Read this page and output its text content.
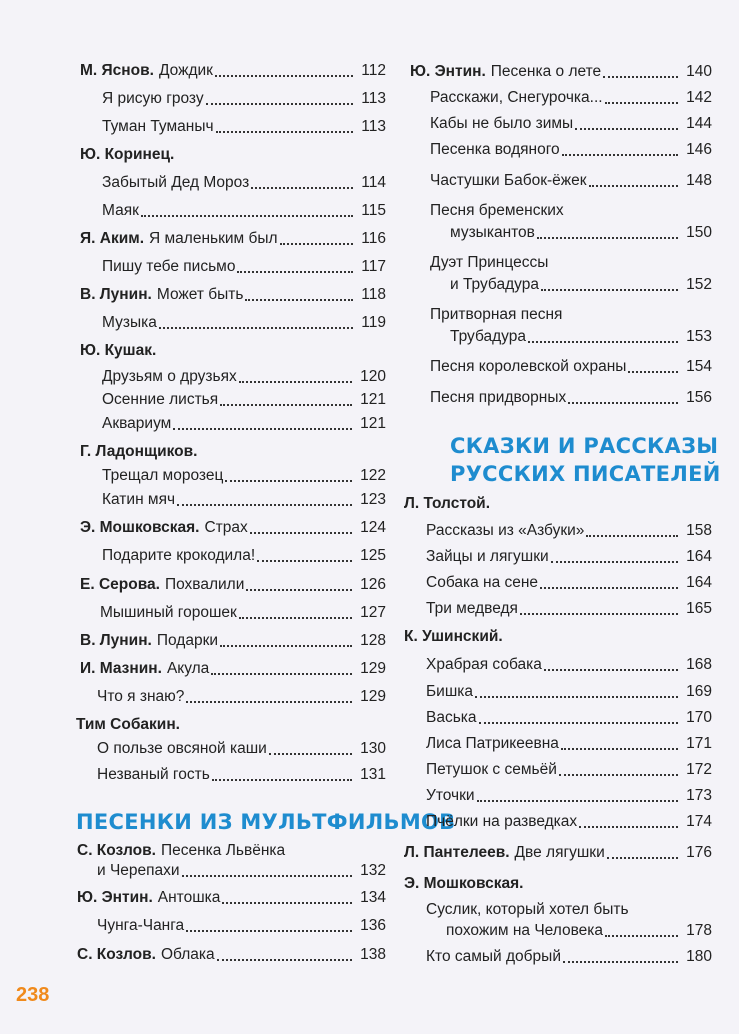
ПЕСЕНКИ ИЗ МУЛЬТФИЛЬМОВ
СКАЗКИ И РАССКАЗЫ
РУССКИХ ПИСАТЕЛЕЙ
238
М. Яснов. Дождик	112
Я рисую грозу	113
Туман Туманыч	113
Ю. Коринец.
Забытый Дед Мороз	114
Маяк	115
Я. Аким. Я маленьким был	116
Пишу тебе письмо	117
В. Лунин. Может быть	118
Музыка	119
Ю. Кушак.
Друзьям о друзьях	120
Осенние листья	121
Аквариум	121
Г. Ладонщиков.
Трещал морозец	122
Катин мяч	123
Э. Мошковская. Страх	124
Подарите крокодила!	125
Е. Серова. Похвалили	126
Мышиный горошек	127
В. Лунин. Подарки	128
И. Мазнин. Акула	129
Что я знаю?	129
Тим Собакин.
О пользе овсяной каши	130
Незваный гость	131
С. Козлов. Песенка Львёнка
и Черепахи	132
Ю. Энтин. Антошка	134
Чунга-Чанга	136
С. Козлов. Облака	138
Ю. Энтин. Песенка о лете	140
Расскажи, Снегурочка...	142
Кабы не было зимы	144
Песенка водяного	146
Частушки Бабок-ёжек	148
Песня бременских
музыкантов	150
Дуэт Принцессы
и Трубадура	152
Притворная песня
Трубадура	153
Песня королевской охраны	154
Песня придворных	156
Л. Толстой.
Рассказы из «Азбуки»	158
Зайцы и лягушки	164
Собака на сене	164
Три медведя	165
К. Ушинский.
Храбрая собака	168
Бишка	169
Васька	170
Лиса Патрикеевна	171
Петушок с семьёй	172
Уточки	173
Пчёлки на разведках	174
Л. Пантелеев. Две лягушки	176
Э. Мошковская.
Суслик, который хотел быть
похожим на Человека	178
Кто самый добрый	180
